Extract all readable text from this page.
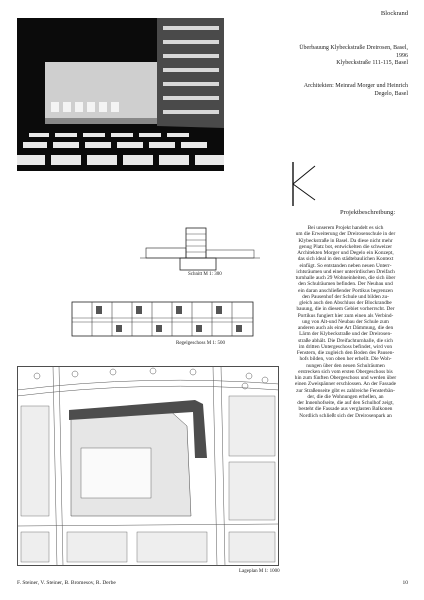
Blockrand
Überbauung Klybeckstraße Dreirosen, Basel,
1996
Klybeckstraße 111-115, Basel
Architekten: Meinrad Morger und Heinrich
Degelo, Basel
Schnitt M 1: 300
Regelgeschoss M 1: 500
Projektbeschreibung:

Bei unserem Projekt handelt es sich

um die Erweiterung der Dreirosenschule in der

Klybeckstraße in Basel. Da diese nicht mehr

genug Platz bot, entwickelten die schweizer

Architekten Morger und Degelo ein Konzept,

das sich ideal in den städtebaulichen Kontext

einfügt. So entstanden neben neuen Unterr-

ichtsräumen und einer unterirdischen Dreifach

turnhalle auch 29 Wohneinheiten, die sich über

den Schulräumen befinden. Der Neubau und

ein daran anschließender Portikus begrenzen

den Pausenhof der Schule und bilden zu-

gleich auch den Abschluss der Blockrandbe

bauung, die in diesem Gebiet vorherrscht. Der

Portikus fungiert hier zum einen als Verbind-

ung von Alt-und Neubau der Schule zum

anderen auch als eine Art Dämmung, die den

Lärm der Klybeckstraße und der Dreirosen-

straße abhält. Die Dreifachturnhalle, die sich

im dritten Untergeschoss befindet, wird von

Fenstern, die zugleich den Boden des Pausen-

hofs bilden, von oben her erhellt. Die Woh-

nungen über den neuen Schulräumen

erstrecken sich vom ersten Obergeschoss bis

hin zum fünften Obergeschoss und werden über

einen Zweispänner erschlossen. An der Fassade

zur Straßenseite gibt es zahlreiche Fensterbän-

der, die die Wohnungen erhellen, an

der Innenhofseite, die auf den Schulhof zeigt,

besteht die Fassade aus verglasten Balkonen

Nordlich schließt sich der Dreirosenpark an

Lageplan M 1: 1000
F. Steiner, V. Steiner, B. Bromesov, R. Derbe	10
